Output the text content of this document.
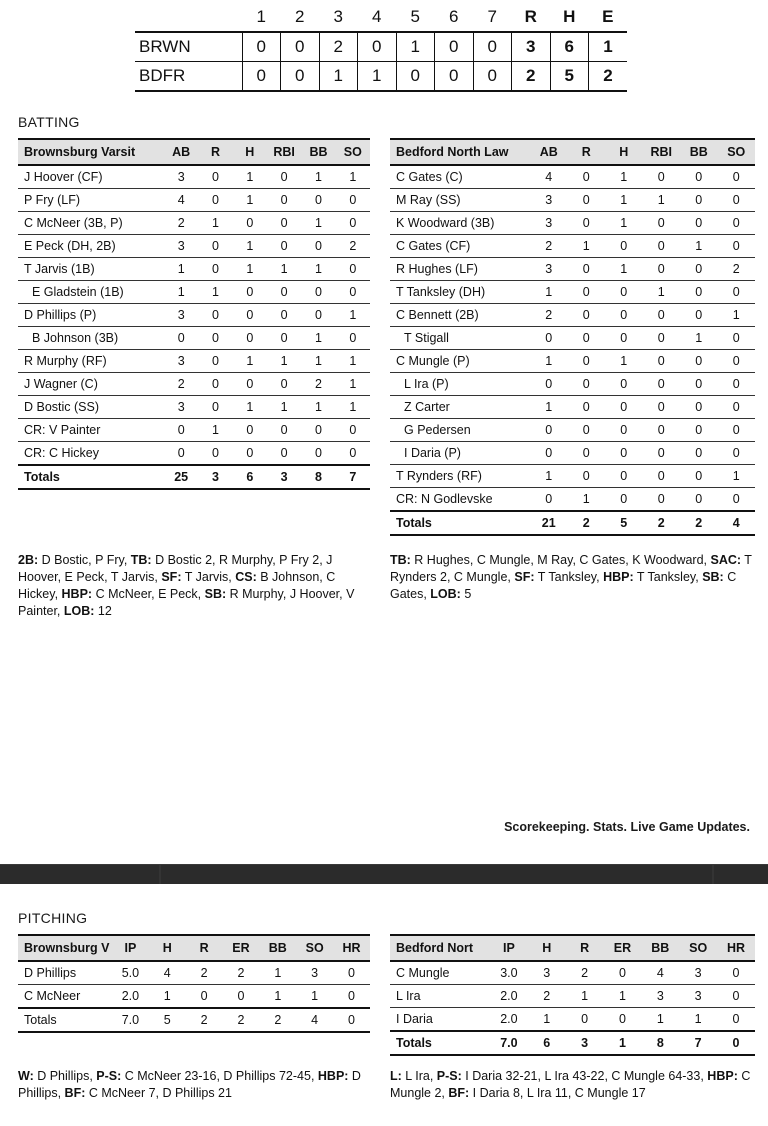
	1	2	3	4	5	6	7	R	H	E
BRWN	0	0	2	0	1	0	0	3	6	1
BDFR	0	0	1	1	0	0	0	2	5	2
BATTING
Brownsburg Varsit	AB	R	H	RBI	BB	SO
J Hoover (CF)	3	0	1	0	1	1
P Fry (LF)	4	0	1	0	0	0
C McNeer (3B, P)	2	1	0	0	1	0
E Peck (DH, 2B)	3	0	1	0	0	2
T Jarvis (1B)	1	0	1	1	1	0
E Gladstein (1B)	1	1	0	0	0	0
D Phillips (P)	3	0	0	0	0	1
B Johnson (3B)	0	0	0	0	1	0
R Murphy (RF)	3	0	1	1	1	1
J Wagner (C)	2	0	0	0	2	1
D Bostic (SS)	3	0	1	1	1	1
CR: V Painter	0	1	0	0	0	0
CR: C Hickey	0	0	0	0	0	0
Totals	25	3	6	3	8	7
Bedford North Law	AB	R	H	RBI	BB	SO
C Gates (C)	4	0	1	0	0	0
M Ray (SS)	3	0	1	1	0	0
K Woodward (3B)	3	0	1	0	0	0
C Gates (CF)	2	1	0	0	1	0
R Hughes (LF)	3	0	1	0	0	2
T Tanksley (DH)	1	0	0	1	0	0
C Bennett (2B)	2	0	0	0	0	1
T Stigall	0	0	0	0	1	0
C Mungle (P)	1	0	1	0	0	0
L Ira (P)	0	0	0	0	0	0
Z Carter	1	0	0	0	0	0
G Pedersen	0	0	0	0	0	0
I Daria (P)	0	0	0	0	0	0
T Rynders (RF)	1	0	0	0	0	1
CR: N Godlevske	0	1	0	0	0	0
Totals	21	2	5	2	2	4

2B: D Bostic, P Fry, TB: D Bostic 2, R Murphy, P Fry 2, J Hoover, E Peck, T Jarvis, SF: T Jarvis, CS: B Johnson, C Hickey, HBP: C McNeer, E Peck, SB: R Murphy, J Hoover, V Painter, LOB: 12

TB: R Hughes, C Mungle, M Ray, C Gates, K Woodward, SAC: T Rynders 2, C Mungle, SF: T Tanksley, HBP: T Tanksley, SB: C Gates, LOB: 5

Scorekeeping. Stats. Live Game Updates.
PITCHING
Brownsburg V	IP	H	R	ER	BB	SO	HR
D Phillips	5.0	4	2	2	1	3	0
C McNeer	2.0	1	0	0	1	1	0
Totals	7.0	5	2	2	2	4	0
Bedford Nort	IP	H	R	ER	BB	SO	HR
C Mungle	3.0	3	2	0	4	3	0
L Ira	2.0	2	1	1	3	3	0
I Daria	2.0	1	0	0	1	1	0
Totals	7.0	6	3	1	8	7	0

W: D Phillips, P-S: C McNeer 23-16, D Phillips 72-45, HBP: D Phillips, BF: C McNeer 7, D Phillips 21

L: L Ira, P-S: I Daria 32-21, L Ira 43-22, C Mungle 64-33, HBP: C Mungle 2, BF: I Daria 8, L Ira 11, C Mungle 17
